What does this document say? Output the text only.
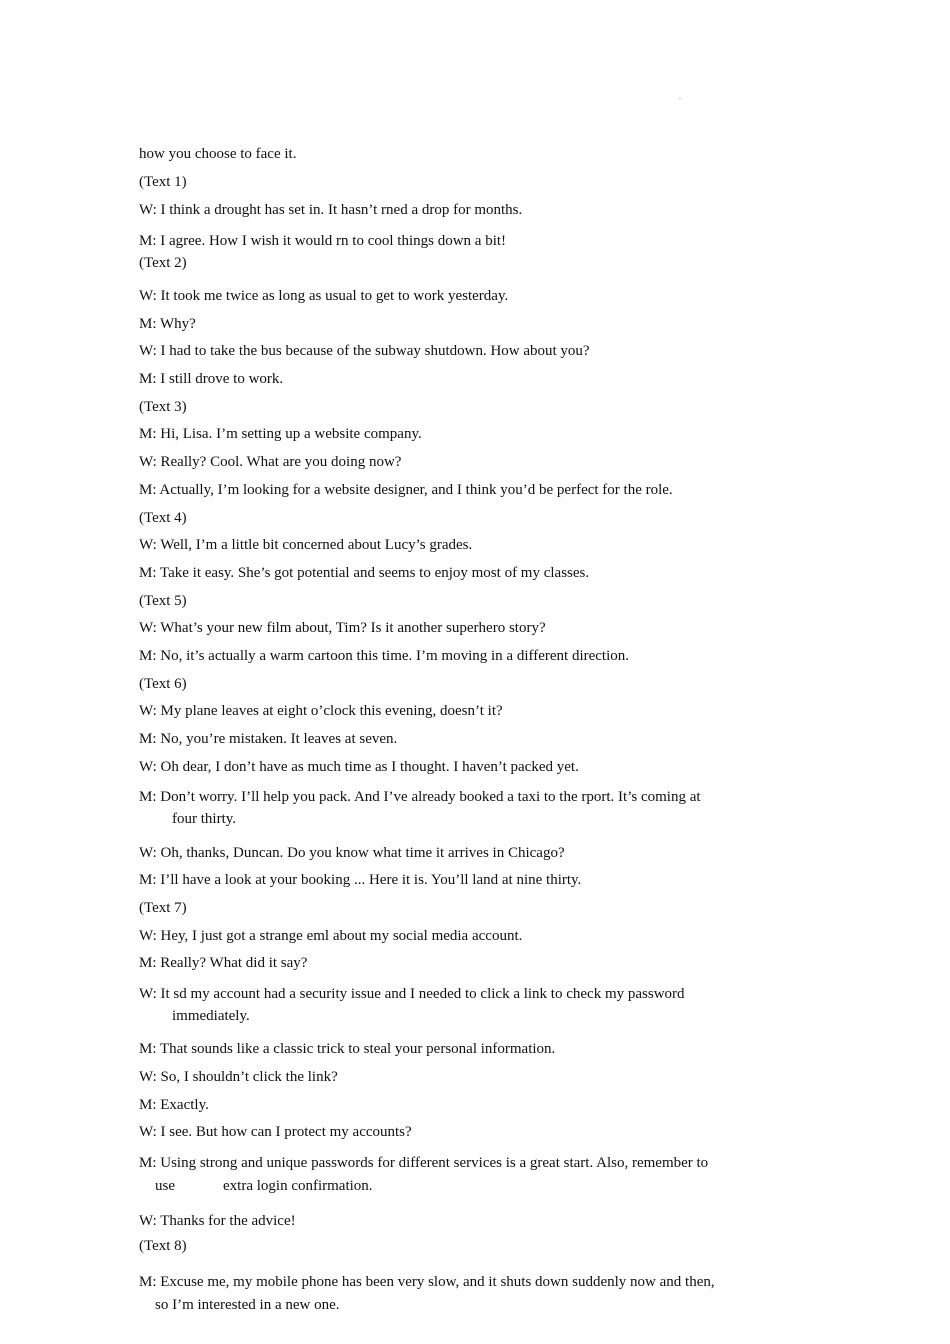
"
how you choose to face it.
(Text 1)
W: I think a drought has set in. It hasn’t rned a drop for months.
M: I agree. How I wish it would rn to cool things down a bit!
(Text 2)
W: It took me twice as long as usual to get to work yesterday.
M: Why?
W: I had to take the bus because of the subway shutdown. How about you?
M: I still drove to work.
(Text 3)
M: Hi, Lisa. I’m setting up a website company.
W: Really? Cool. What are you doing now?
M: Actually, I’m looking for a website designer, and I think you’d be perfect for the role.
(Text 4)
W: Well, I’m a little bit concerned about Lucy’s grades.
M: Take it easy. She’s got potential and seems to enjoy most of my classes.
(Text 5)
W: What’s your new film about, Tim? Is it another superhero story?
M: No, it’s actually a warm cartoon this time. I’m moving in a different direction.
(Text 6)
W: My plane leaves at eight o’clock this evening, doesn’t it?
M: No, you’re mistaken. It leaves at seven.
W: Oh dear, I don’t have as much time as I thought. I haven’t packed yet.
M: Don’t worry. I’ll help you pack. And I’ve already booked a taxi to the rport. It’s coming at
four thirty.
W: Oh, thanks, Duncan. Do you know what time it arrives in Chicago?
M: I’ll have a look at your booking ... Here it is. You’ll land at nine thirty.
(Text 7)
W: Hey, I just got a strange eml about my social media account.
M: Really? What did it say?
W: It sd my account had a security issue and I needed to click a link to check my password
immediately.
M: That sounds like a classic trick to steal your personal information.
W: So, I shouldn’t click the link?
M: Exactly.
W: I see. But how can I protect my accounts?
M: Using strong and unique passwords for different services is a great start. Also, remember to
use	extra login confirmation.
W: Thanks for the advice!
(Text 8)
M: Excuse me, my mobile phone has been very slow, and it shuts down suddenly now and then,
so I’m interested in a new one.
